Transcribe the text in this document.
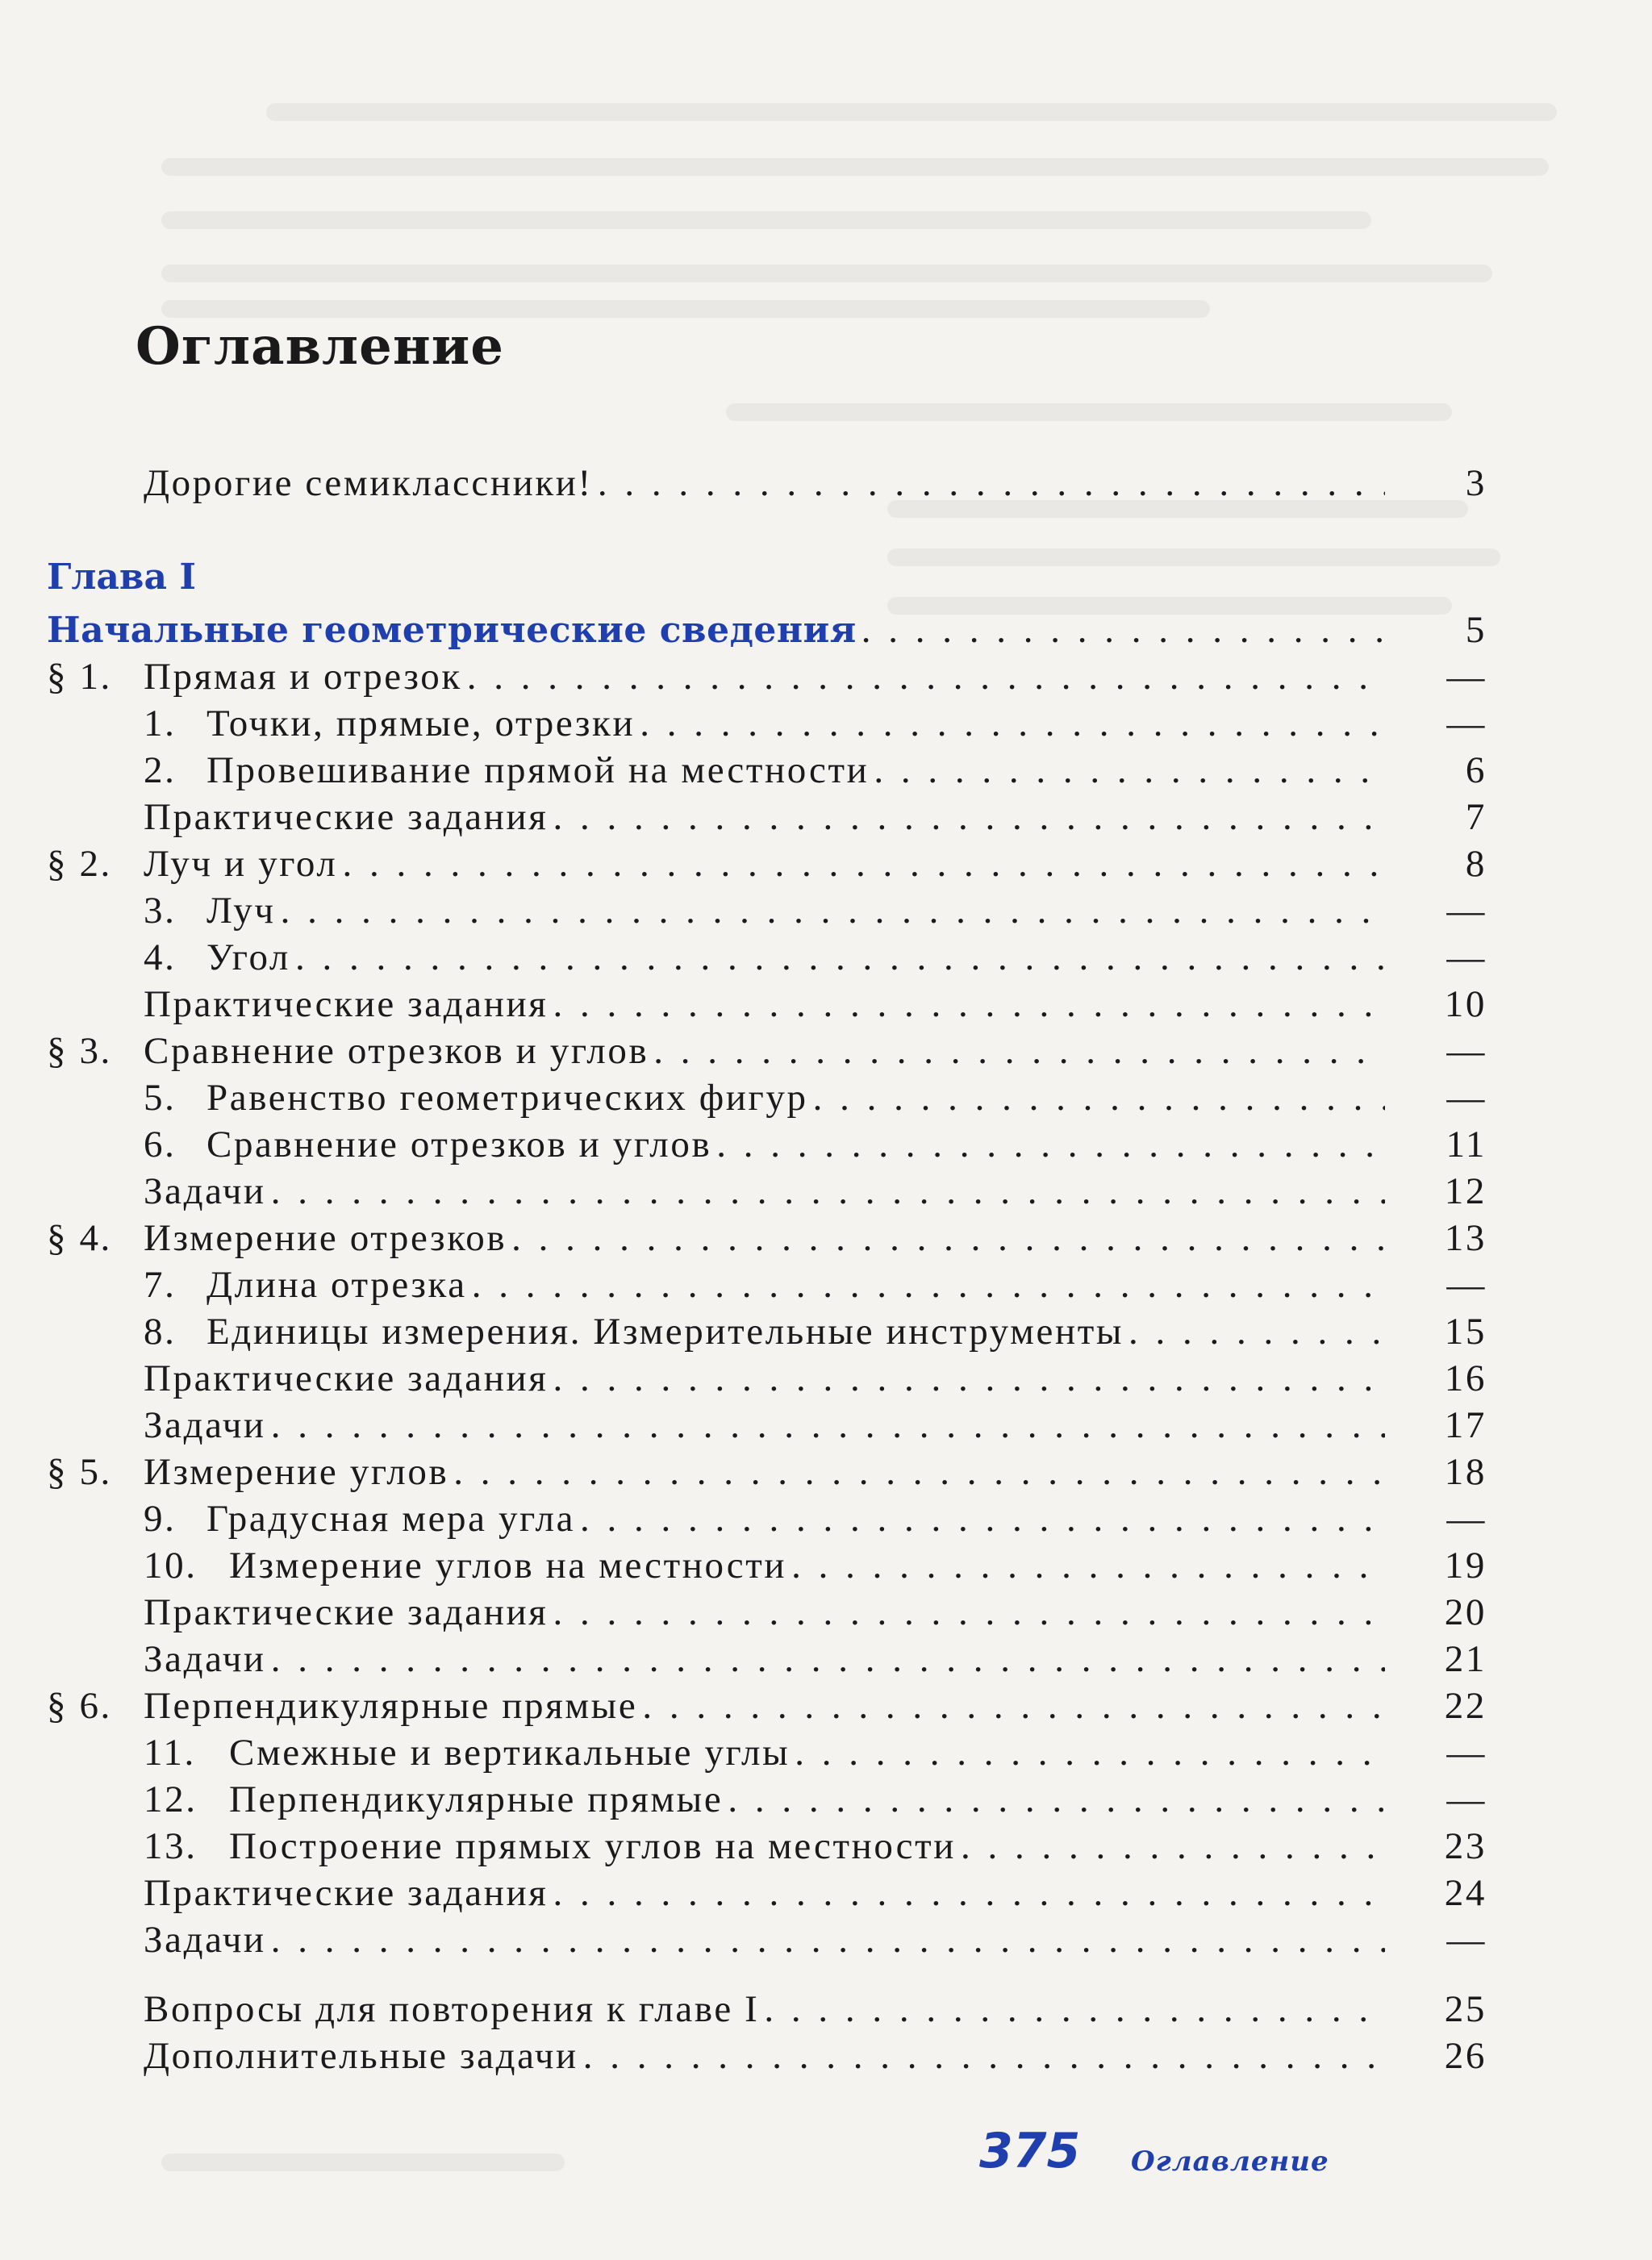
Оглавление
Глава I
Дорогие семиклассники! . . .	3
Начальные геометрические сведения . . .	5
§ 1. Прямая и отрезок . . .	—
1. Точки, прямые, отрезки . . .	—
2. Провешивание прямой на местности . . .	6
Практические задания . . .	7
§ 2. Луч и угол . . .	8
3. Луч . . .	—
4. Угол . . .	—
Практические задания . . .	10
§ 3. Сравнение отрезков и углов . . .	—
5. Равенство геометрических фигур . . .	—
6. Сравнение отрезков и углов . . .	11
Задачи . . .	12
§ 4. Измерение отрезков . . .	13
7. Длина отрезка . . .	—
8. Единицы измерения. Измерительные инструменты . . .	15
Практические задания . . .	16
Задачи . . .	17
§ 5. Измерение углов . . .	18
9. Градусная мера угла . . .	—
10. Измерение углов на местности . . .	19
Практические задания . . .	20
Задачи . . .	21
§ 6. Перпендикулярные прямые . . .	22
11. Смежные и вертикальные углы . . .	—
12. Перпендикулярные прямые . . .	—
13. Построение прямых углов на местности . . .	23
Практические задания . . .	24
Задачи . . .	—
Вопросы для повторения к главе I . . .	25
Дополнительные задачи . . .	26
375 Оглавление
